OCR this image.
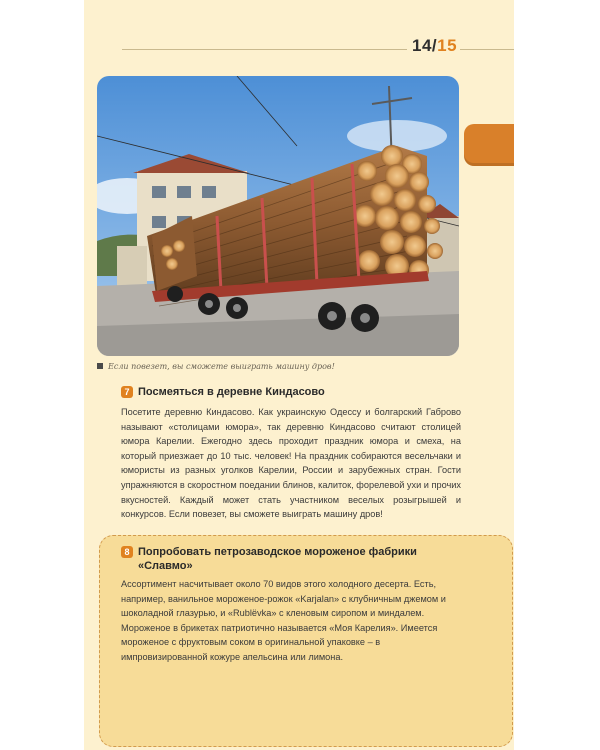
14/15
Если повезет, вы сможете выиграть машину дров!
7 Посмеяться в деревне Киндасово
Посетите деревню Киндасово. Как украинскую Одессу и болгарский Габрово называют «столицами юмора», так деревню Киндасово считают столицей юмора Карелии. Ежегодно здесь проходит праздник юмора и смеха, на который приезжает до 10 тыс. человек! На праздник собираются весельчаки и юмористы из разных уголков Карелии, России и зарубежных стран. Гости упражняются в скоростном поедании блинов, калиток, форелевой ухи и прочих вкусностей. Каждый может стать участником веселых розыгрышей и конкурсов. Если повезет, вы сможете выиграть машину дров!
8 Попробовать петрозаводское мороженое фабрики «Славмо»
Ассортимент насчитывает около 70 видов этого холодного десерта. Есть, например, ванильное мороженое-рожок «Karjalan» с клубничным джемом и шоколадной глазурью, и «Rublёvka» с кленовым сиропом и миндалем. Мороженое в брикетах патриотично называется «Моя Карелия». Имеется мороженое с фруктовым соком в оригинальной упаковке – в импровизированной кожуре апельсина или лимона.
